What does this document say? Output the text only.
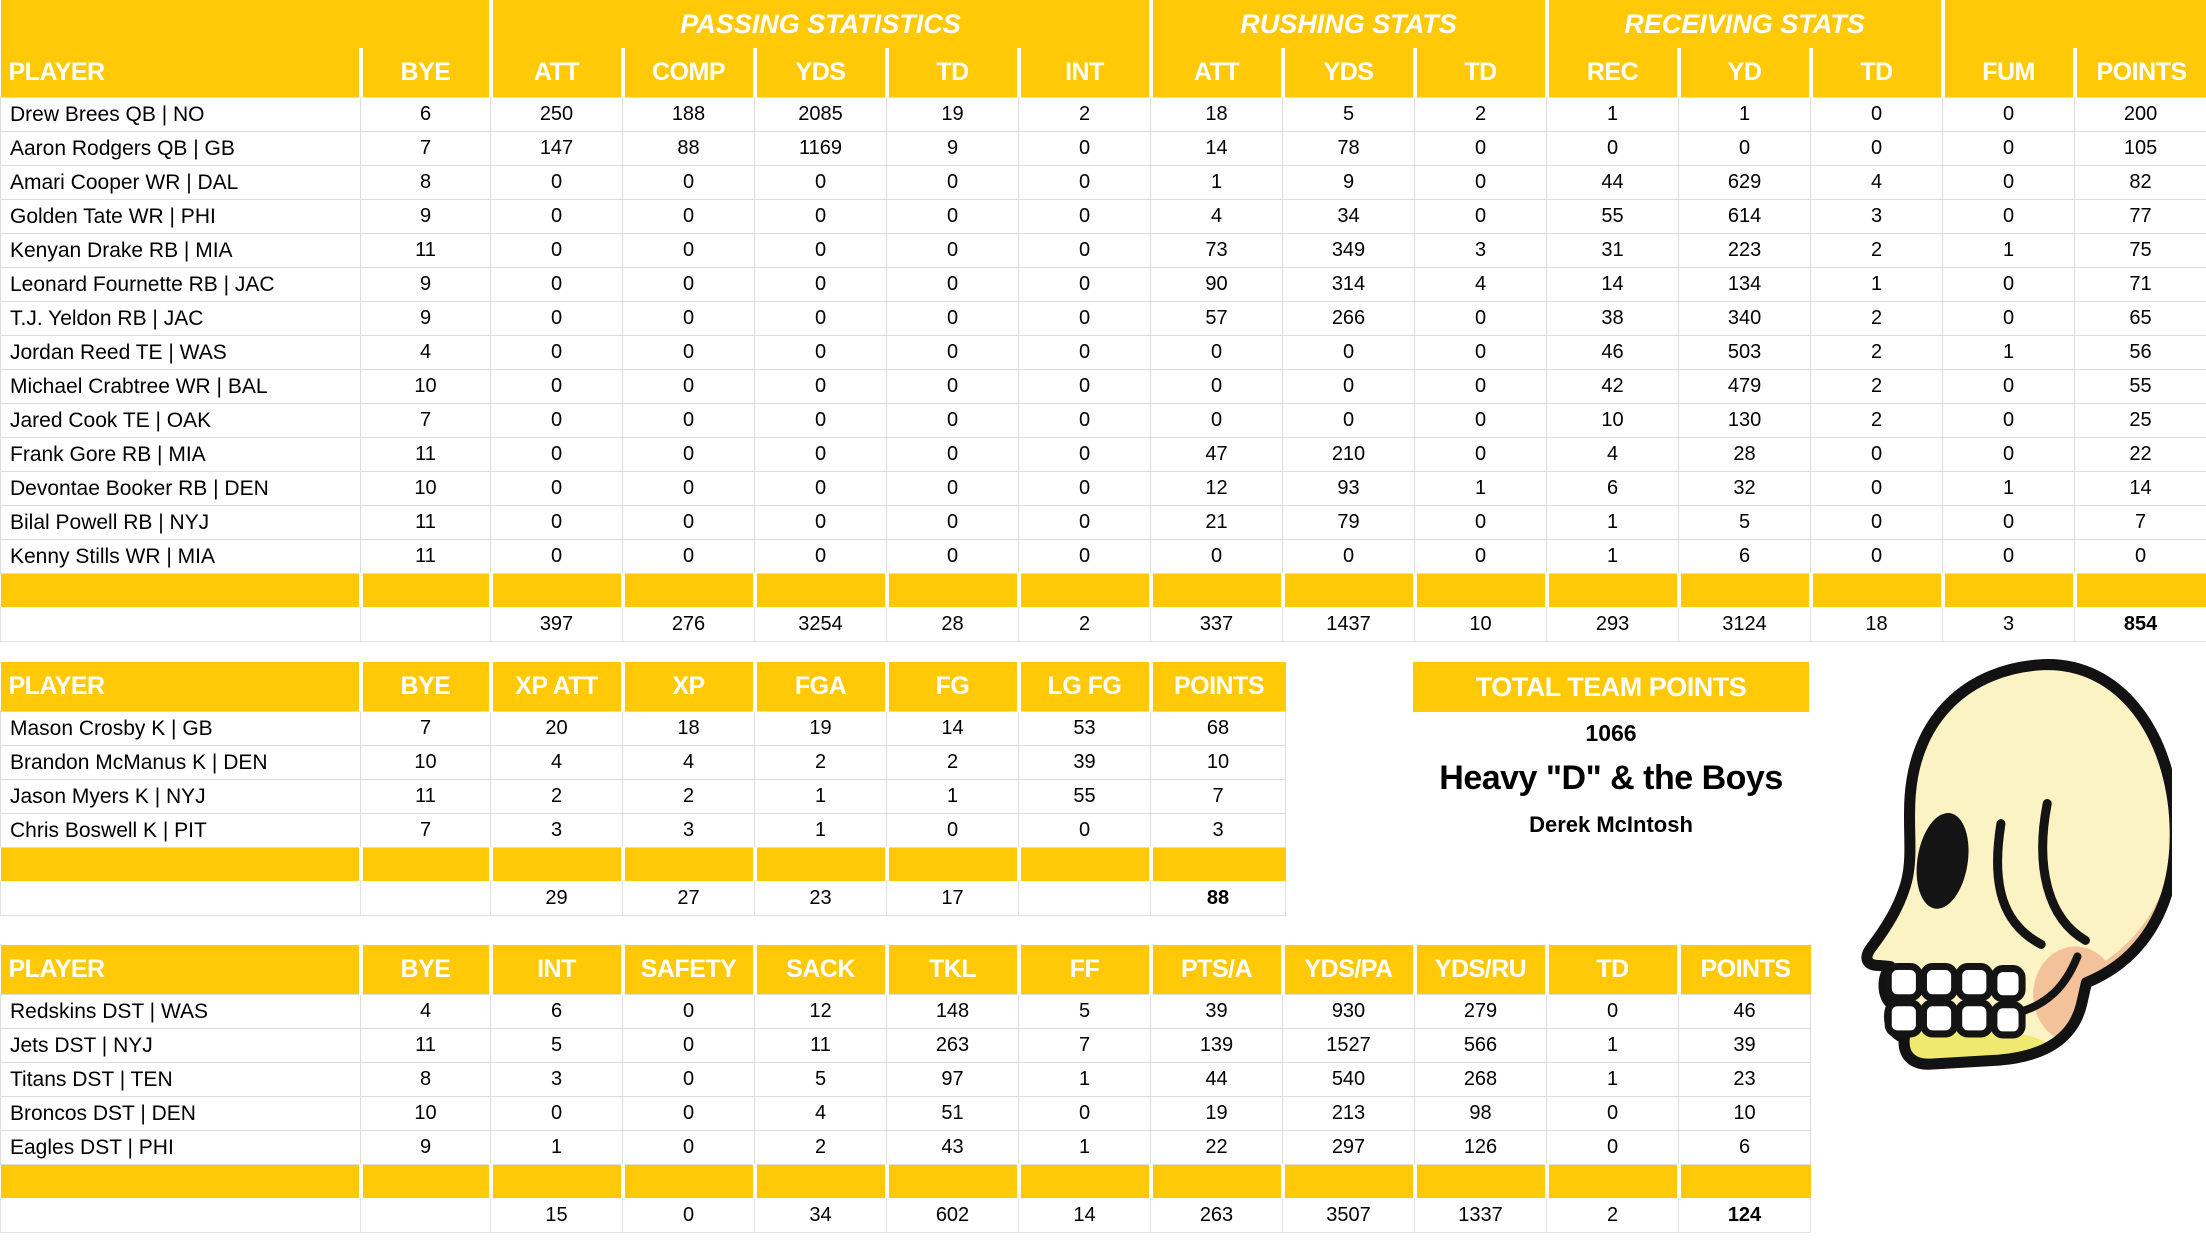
		PASSING STATISTICS					RUSHING STATS			RECEIVING STATS				
PLAYER	BYE	ATT	COMP	YDS	TD	INT	ATT	YDS	TD	REC	YD	TD	FUM	POINTS
Drew Brees QB | NO	6	250	188	2085	19	2	18	5	2	1	1	0	0	200
Aaron Rodgers QB | GB	7	147	88	1169	9	0	14	78	0	0	0	0	0	105
Amari Cooper WR | DAL	8	0	0	0	0	0	1	9	0	44	629	4	0	82
Golden Tate WR | PHI	9	0	0	0	0	0	4	34	0	55	614	3	0	77
Kenyan Drake RB | MIA	11	0	0	0	0	0	73	349	3	31	223	2	1	75
Leonard Fournette RB | JAC	9	0	0	0	0	0	90	314	4	14	134	1	0	71
T.J. Yeldon RB | JAC	9	0	0	0	0	0	57	266	0	38	340	2	0	65
Jordan Reed TE | WAS	4	0	0	0	0	0	0	0	0	46	503	2	1	56
Michael Crabtree WR | BAL	10	0	0	0	0	0	0	0	0	42	479	2	0	55
Jared Cook TE | OAK	7	0	0	0	0	0	0	0	0	10	130	2	0	25
Frank Gore RB | MIA	11	0	0	0	0	0	47	210	0	4	28	0	0	22
Devontae Booker RB | DEN	10	0	0	0	0	0	12	93	1	6	32	0	1	14
Bilal Powell RB | NYJ	11	0	0	0	0	0	21	79	0	1	5	0	0	7
Kenny Stills WR | MIA	11	0	0	0	0	0	0	0	0	1	6	0	0	0

		397	276	3254	28	2	337	1437	10	293	3124	18	3	854
PLAYER	BYE	XP ATT	XP	FGA	FG	LG FG	POINTS
Mason Crosby K | GB	7	20	18	19	14	53	68
Brandon McManus K | DEN	10	4	4	2	2	39	10
Jason Myers K | NYJ	11	2	2	1	1	55	7
Chris Boswell K | PIT	7	3	3	1	0	0	3

		29	27	23	17		88
TOTAL TEAM POINTS
1066
Heavy "D" & the Boys
Derek McIntosh
PLAYER	BYE	INT	SAFETY	SACK	TKL	FF	PTS/A	YDS/PA	YDS/RU	TD	POINTS
Redskins DST | WAS	4	6	0	12	148	5	39	930	279	0	46
Jets DST | NYJ	11	5	0	11	263	7	139	1527	566	1	39
Titans DST | TEN	8	3	0	5	97	1	44	540	268	1	23
Broncos DST | DEN	10	0	0	4	51	0	19	213	98	0	10
Eagles DST | PHI	9	1	0	2	43	1	22	297	126	0	6

		15	0	34	602	14	263	3507	1337	2	124
